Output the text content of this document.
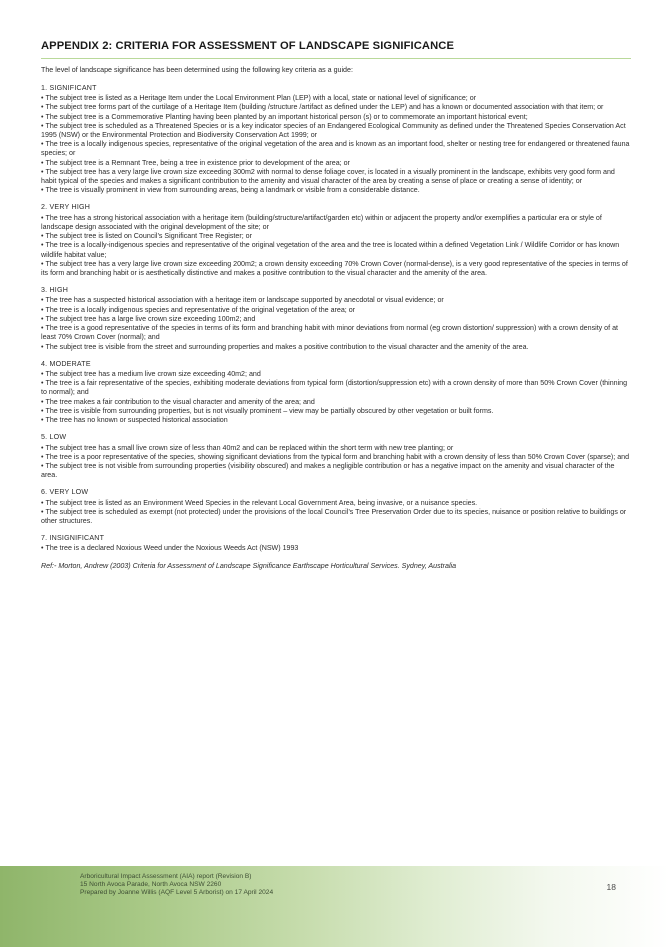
APPENDIX 2: CRITERIA FOR ASSESSMENT OF LANDSCAPE SIGNIFICANCE

The level of landscape significance has been determined using the following key criteria as a guide:

1. SIGNIFICANT

• The subject tree is listed as a Heritage Item under the Local Environment Plan (LEP) with a local, state or national level of significance; or
• The subject tree forms part of the curtilage of a Heritage Item (building /structure /artifact as defined under the LEP) and has a known or documented association with that item; or
• The subject tree is a Commemorative Planting having been planted by an important historical person (s) or to commemorate an important historical event;
• The subject tree is scheduled as a Threatened Species or is a key indicator species of an Endangered Ecological Community as defined under the Threatened Species Conservation Act 1995 (NSW) or the Environmental Protection and Biodiversity Conservation Act 1999; or
• The tree is a locally indigenous species, representative of the original vegetation of the area and is known as an important food, shelter or nesting tree for endangered or threatened fauna species; or
• The subject tree is a Remnant Tree, being a tree in existence prior to development of the area; or
• The subject tree has a very large live crown size exceeding 300m2 with normal to dense foliage cover, is located in a visually prominent in the landscape, exhibits very good form and habit typical of the species and makes a significant contribution to the amenity and visual character of the area by creating a sense of place or creating a sense of identity; or
• The tree is visually prominent in view from surrounding areas, being a landmark or visible from a considerable distance.

2. VERY HIGH

• The tree has a strong historical association with a heritage item (building/structure/artifact/garden etc) within or adjacent the property and/or exemplifies a particular era or style of landscape design associated with the original development of the site; or
• The subject tree is listed on Council’s Significant Tree Register; or
• The tree is a locally-indigenous species and representative of the original vegetation of the area and the tree is located within a defined Vegetation Link / Wildlife Corridor or has known wildlife habitat value;
• The subject tree has a very large live crown size exceeding 200m2; a crown density exceeding 70% Crown Cover (normal-dense), is a very good representative of the species in terms of its form and branching habit or is aesthetically distinctive and makes a positive contribution to the visual character and the amenity of the area.

3. HIGH

• The tree has a suspected historical association with a heritage item or landscape supported by anecdotal or visual evidence; or
• The tree is a locally indigenous species and representative of the original vegetation of the area; or
• The subject tree has a large live crown size exceeding 100m2; and
• The tree is a good representative of the species in terms of its form and branching habit with minor deviations from normal (eg crown distortion/ suppression) with a crown density of at least 70% Crown Cover (normal); and
• The subject tree is visible from the street and surrounding properties and makes a positive contribution to the visual character and the amenity of the area.

4. MODERATE

• The subject tree has a medium live crown size exceeding 40m2; and
• The tree is a fair representative of the species, exhibiting moderate deviations from typical form (distortion/suppression etc) with a crown density of more than 50% Crown Cover (thinning to normal); and
• The tree makes a fair contribution to the visual character and amenity of the area; and
• The tree is visible from surrounding properties, but is not visually prominent – view may be partially obscured by other vegetation or built forms.
• The tree has no known or suspected historical association

5. LOW

• The subject tree has a small live crown size of less than 40m2 and can be replaced within the short term with new tree planting; or
• The tree is a poor representative of the species, showing significant deviations from the typical form and branching habit with a crown density of less than 50% Crown Cover (sparse); and
• The subject tree is not visible from surrounding properties (visibility obscured) and makes a negligible contribution or has a negative impact on the amenity and visual character of the area.

6. VERY LOW

• The subject tree is listed as an Environment Weed Species in the relevant Local Government Area, being invasive, or a nuisance species.
• The subject tree is scheduled as exempt (not protected) under the provisions of the local Council’s Tree Preservation Order due to its species, nuisance or position relative to buildings or other structures.

7. INSIGNIFICANT

• The tree is a declared Noxious Weed under the Noxious Weeds Act (NSW) 1993

Ref:- Morton, Andrew (2003) Criteria for Assessment of Landscape Significance Earthscape Horticultural Services. Sydney, Australia

Arboricultural Impact Assessment (AIA) report (Revision B)
15 North Avoca Parade, North Avoca NSW 2260
Prepared by Joanne Willis (AQF Level 5 Arborist) on 17 April 2024
18
